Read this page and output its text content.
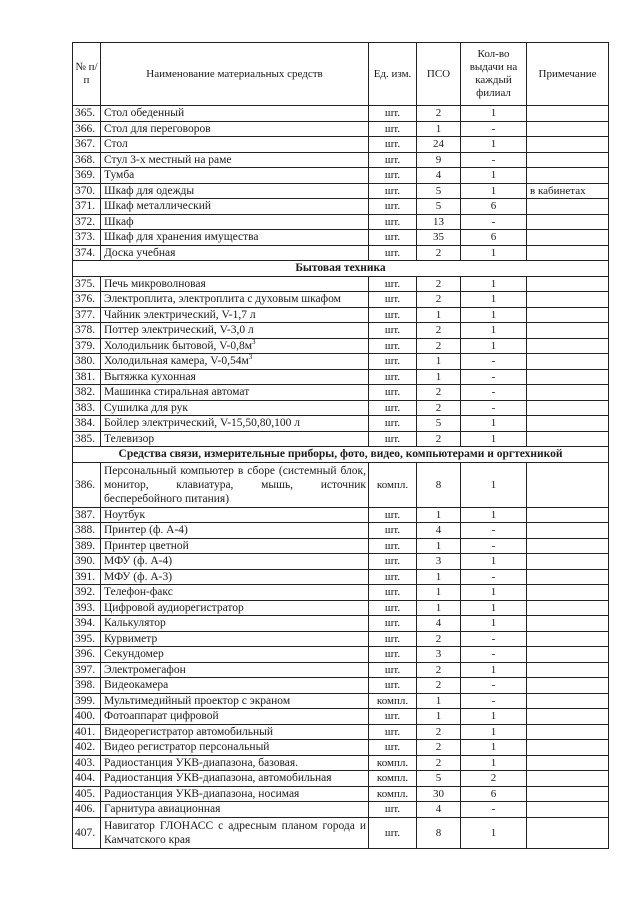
№ п/п	Наименование материальных средств	Ед. изм.	ПСО	Кол-во выдачи на каждый филиал	Примечание
365.	Стол обеденный	шт.	2	1	
366.	Стол для переговоров	шт.	1	-	
367.	Стол	шт.	24	1	
368.	Стул 3-х местный на раме	шт.	9	-	
369.	Тумба	шт.	4	1	
370.	Шкаф для одежды	шт.	5	1	в кабинетах
371.	Шкаф металлический	шт.	5	6	
372.	Шкаф	шт.	13	-	
373.	Шкаф для хранения имущества	шт.	35	6	
374.	Доска учебная	шт.	2	1	
Бытовая техника					
375.	Печь микроволновая	шт.	2	1	
376.	Электроплита, электроплита с духовым шкафом	шт.	2	1	
377.	Чайник электрический, V-1,7 л	шт.	1	1	
378.	Поттер электрический, V-3,0 л	шт.	2	1	
379.	Холодильник бытовой, $V-0,8м^3$	шт.	2	1	
380.	Холодильная камера, $V-0,54м^3$	шт.	1	-	
381.	Вытяжка кухонная	шт.	1	-	
382.	Машинка стиральная автомат	шт.	2	-	
383.	Сушилка для рук	шт.	2	-	
384.	Бойлер электрический, V-15,50,80,100 л	шт.	5	1	
385.	Телевизор	шт.	2	1	
Средства связи, измерительные приборы, фото, видео, компьютерами и оргтехникой					
386.	Персональный компьютер в сборе (системный блок, монитор, клавиатура, мышь, источник бесперебойного питания)	компл.	8	1	
387.	Ноутбук	шт.	1	1	
388.	Принтер (ф. А-4)	шт.	4	-	
389.	Принтер цветной	шт.	1	-	
390.	МФУ (ф. А-4)	шт.	3	1	
391.	МФУ (ф. А-3)	шт.	1	-	
392.	Телефон-факс	шт.	1	1	
393.	Цифровой аудиорегистратор	шт.	1	1	
394.	Калькулятор	шт.	4	1	
395.	Курвиметр	шт.	2	-	
396.	Секундомер	шт.	3	-	
397.	Электромегафон	шт.	2	1	
398.	Видеокамера	шт.	2	-	
399.	Мультимедийный проектор с экраном	компл.	1	-	
400.	Фотоаппарат цифровой	шт.	1	1	
401.	Видеорегистратор автомобильный	шт.	2	1	
402.	Видео регистратор персональный	шт.	2	1	
403.	Радиостанция УКВ-диапазона, базовая.	компл.	2	1	
404.	Радиостанция УКВ-диапазона, автомобильная	компл.	5	2	
405.	Радиостанция УКВ-диапазона, носимая	компл.	30	6	
406.	Гарнитура авиационная	шт.	4	-	
407.	Навигатор ГЛОНАСС с адресным планом города и Камчатского края	шт.	8	1	
